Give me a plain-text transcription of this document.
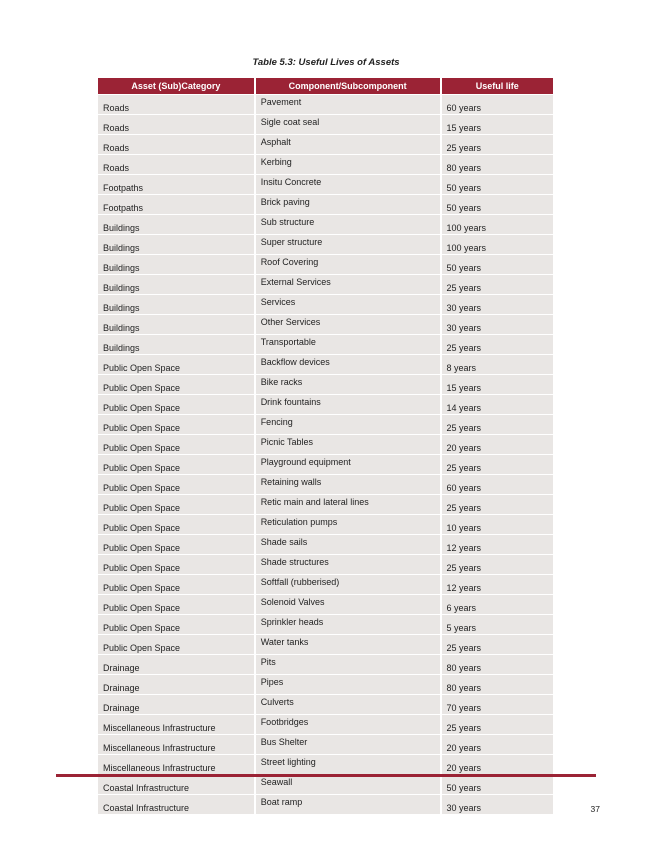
Table 5.3: Useful Lives of Assets
Asset (Sub)Category	Component/Subcomponent	Useful life
Roads	Pavement	60 years
Roads	Sigle coat seal	15 years
Roads	Asphalt	25 years
Roads	Kerbing	80 years
Footpaths	Insitu Concrete	50 years
Footpaths	Brick paving	50 years
Buildings	Sub structure	100 years
Buildings	Super structure	100 years
Buildings	Roof Covering	50 years
Buildings	External Services	25 years
Buildings	Services	30 years
Buildings	Other Services	30 years
Buildings	Transportable	25 years
Public Open Space	Backflow devices	8 years
Public Open Space	Bike racks	15 years
Public Open Space	Drink fountains	14 years
Public Open Space	Fencing	25 years
Public Open Space	Picnic Tables	20 years
Public Open Space	Playground equipment	25 years
Public Open Space	Retaining walls	60 years
Public Open Space	Retic main and lateral lines	25 years
Public Open Space	Reticulation pumps	10 years
Public Open Space	Shade sails	12 years
Public Open Space	Shade structures	25 years
Public Open Space	Softfall (rubberised)	12 years
Public Open Space	Solenoid Valves	6 years
Public Open Space	Sprinkler heads	5 years
Public Open Space	Water tanks	25 years
Drainage	Pits	80 years
Drainage	Pipes	80 years
Drainage	Culverts	70 years
Miscellaneous Infrastructure	Footbridges	25 years
Miscellaneous Infrastructure	Bus Shelter	20 years
Miscellaneous Infrastructure	Street lighting	20 years
Coastal Infrastructure	Seawall	50 years
Coastal Infrastructure	Boat ramp	30 years	37
